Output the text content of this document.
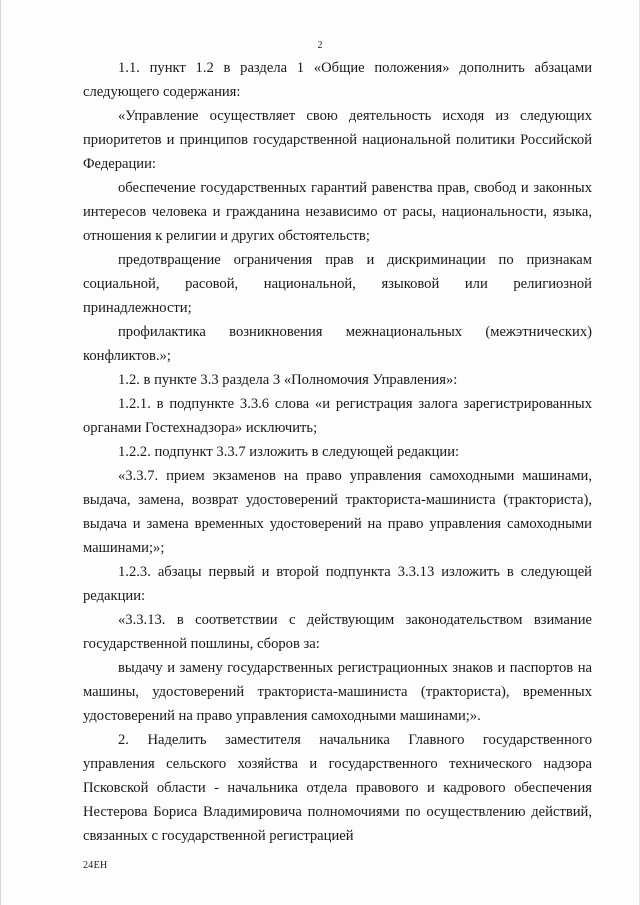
2

1.1. пункт 1.2 в раздела 1 «Общие положения» дополнить абзацами следующего содержания:

«Управление осуществляет свою деятельность исходя из следующих приоритетов и принципов государственной национальной политики Российской Федерации:

обеспечение государственных гарантий равенства прав, свобод и законных интересов человека и гражданина независимо от расы, национальности, языка, отношения к религии и других обстоятельств;

предотвращение ограничения прав и дискриминации по признакам социальной, расовой, национальной, языковой или религиозной принадлежности;

профилактика возникновения межнациональных (межэтнических) конфликтов.»;

1.2. в пункте 3.3 раздела 3 «Полномочия Управления»:

1.2.1. в подпункте 3.3.6 слова «и регистрация залога зарегистрированных органами Гостехнадзора» исключить;

1.2.2. подпункт 3.3.7 изложить в следующей редакции:

«3.3.7. прием экзаменов на право управления самоходными машинами, выдача, замена, возврат удостоверений тракториста-машиниста (тракториста), выдача и замена временных удостоверений на право управления самоходными машинами;»;

1.2.3. абзацы первый и второй подпункта 3.3.13 изложить в следующей редакции:

«3.3.13. в соответствии с действующим законодательством взимание государственной пошлины, сборов за:

выдачу и замену государственных регистрационных знаков и паспортов на машины, удостоверений тракториста-машиниста (тракториста), временных удостоверений на право управления самоходными машинами;».

2. Наделить заместителя начальника Главного государственного управления сельского хозяйства и государственного технического надзора Псковской области - начальника отдела правового и кадрового обеспечения Нестерова Бориса Владимировича полномочиями по осуществлению действий, связанных с государственной регистрацией

24ЕН
